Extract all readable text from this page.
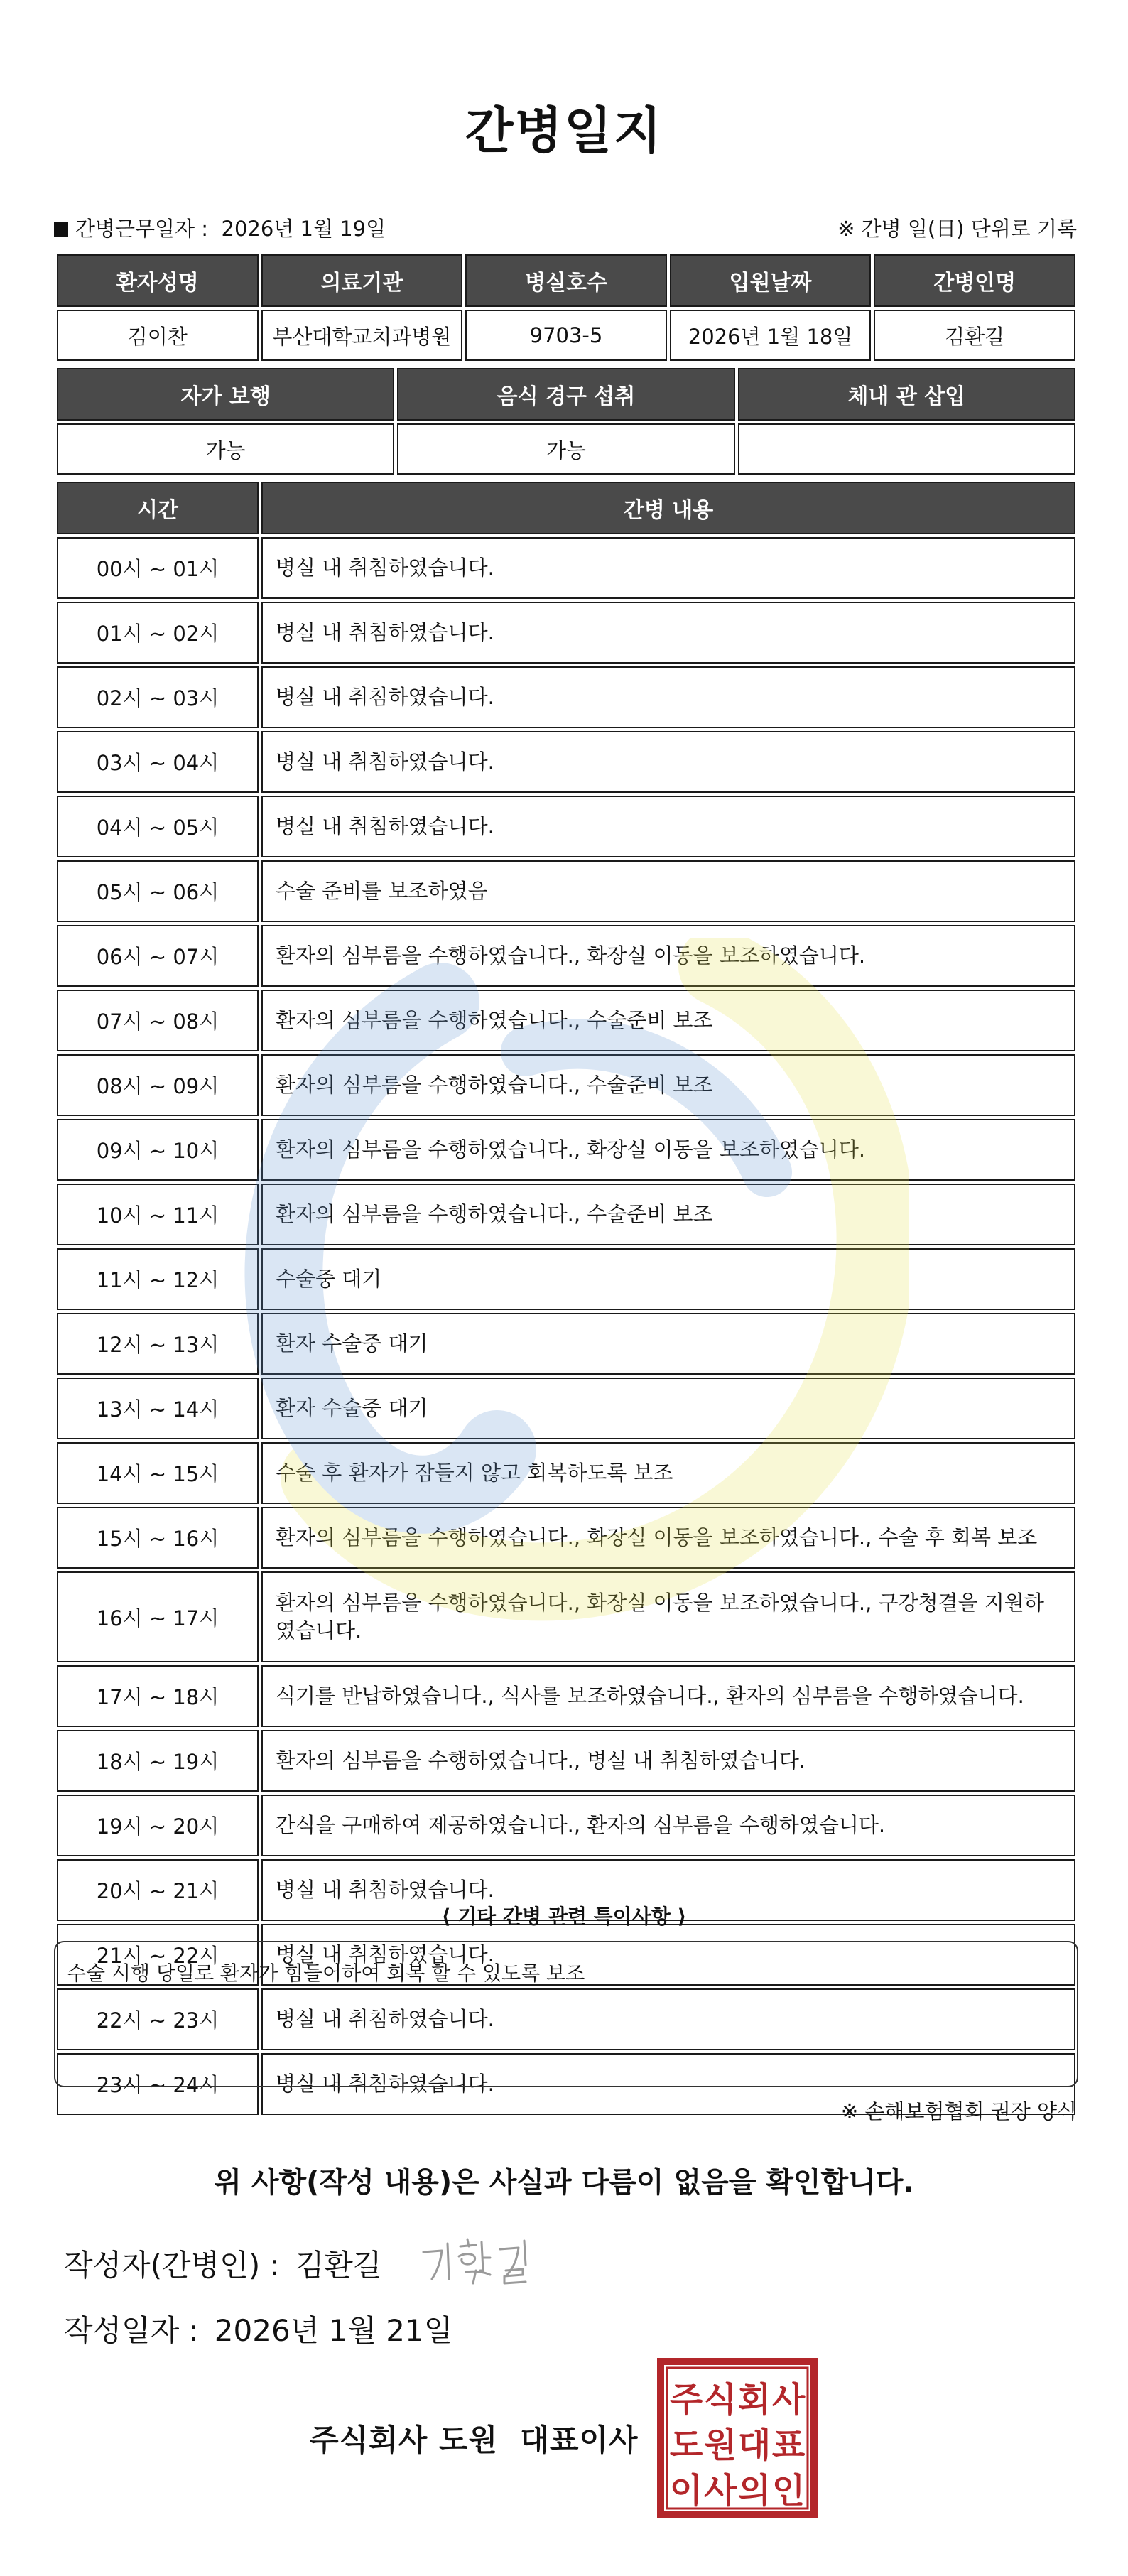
간병일지
간병근무일자 : 2026년 1월 19일	※ 간병 일(日) 단위로 기록
환자성명	의료기관	병실호수	입원날짜	간병인명
김이찬	부산대학교치과병원	9703-5	2026년 1월 18일	김환길
자가 보행	음식 경구 섭취	체내 관 삽입
가능	가능	
시간	간병 내용
00시 ~ 01시	병실 내 취침하였습니다.
01시 ~ 02시	병실 내 취침하였습니다.
02시 ~ 03시	병실 내 취침하였습니다.
03시 ~ 04시	병실 내 취침하였습니다.
04시 ~ 05시	병실 내 취침하였습니다.
05시 ~ 06시	수술 준비를 보조하였음
06시 ~ 07시	환자의 심부름을 수행하였습니다., 화장실 이동을 보조하였습니다.
07시 ~ 08시	환자의 심부름을 수행하였습니다., 수술준비 보조
08시 ~ 09시	환자의 심부름을 수행하였습니다., 수술준비 보조
09시 ~ 10시	환자의 심부름을 수행하였습니다., 화장실 이동을 보조하였습니다.
10시 ~ 11시	환자의 심부름을 수행하였습니다., 수술준비 보조
11시 ~ 12시	수술중 대기
12시 ~ 13시	환자 수술중 대기
13시 ~ 14시	환자 수술중 대기
14시 ~ 15시	수술 후 환자가 잠들지 않고 회복하도록 보조
15시 ~ 16시	환자의 심부름을 수행하였습니다., 화장실 이동을 보조하였습니다., 수술 후 회복 보조
16시 ~ 17시	환자의 심부름을 수행하였습니다., 화장실 이동을 보조하였습니다., 구강청결을 지원하였습니다.
17시 ~ 18시	식기를 반납하였습니다., 식사를 보조하였습니다., 환자의 심부름을 수행하였습니다.
18시 ~ 19시	환자의 심부름을 수행하였습니다., 병실 내 취침하였습니다.
19시 ~ 20시	간식을 구매하여 제공하였습니다., 환자의 심부름을 수행하였습니다.
20시 ~ 21시	병실 내 취침하였습니다.
21시 ~ 22시	병실 내 취침하였습니다.
22시 ~ 23시	병실 내 취침하였습니다.
23시 ~ 24시	병실 내 취침하였습니다.
⟨ 기타 간병 관련 특이사항 ⟩
수술 시행 당일로 환자가 힘들어하여 회복 할 수 있도록 보조
※ 손해보험협회 권장 양식
위 사항(작성 내용)은 사실과 다름이 없음을 확인합니다.
작성자(간병인) : 김환길
작성일자 : 2026년 1월 21일
주식회사 도원  대표이사
주 식 회 사
도 원 대 표
이 사 의 인
